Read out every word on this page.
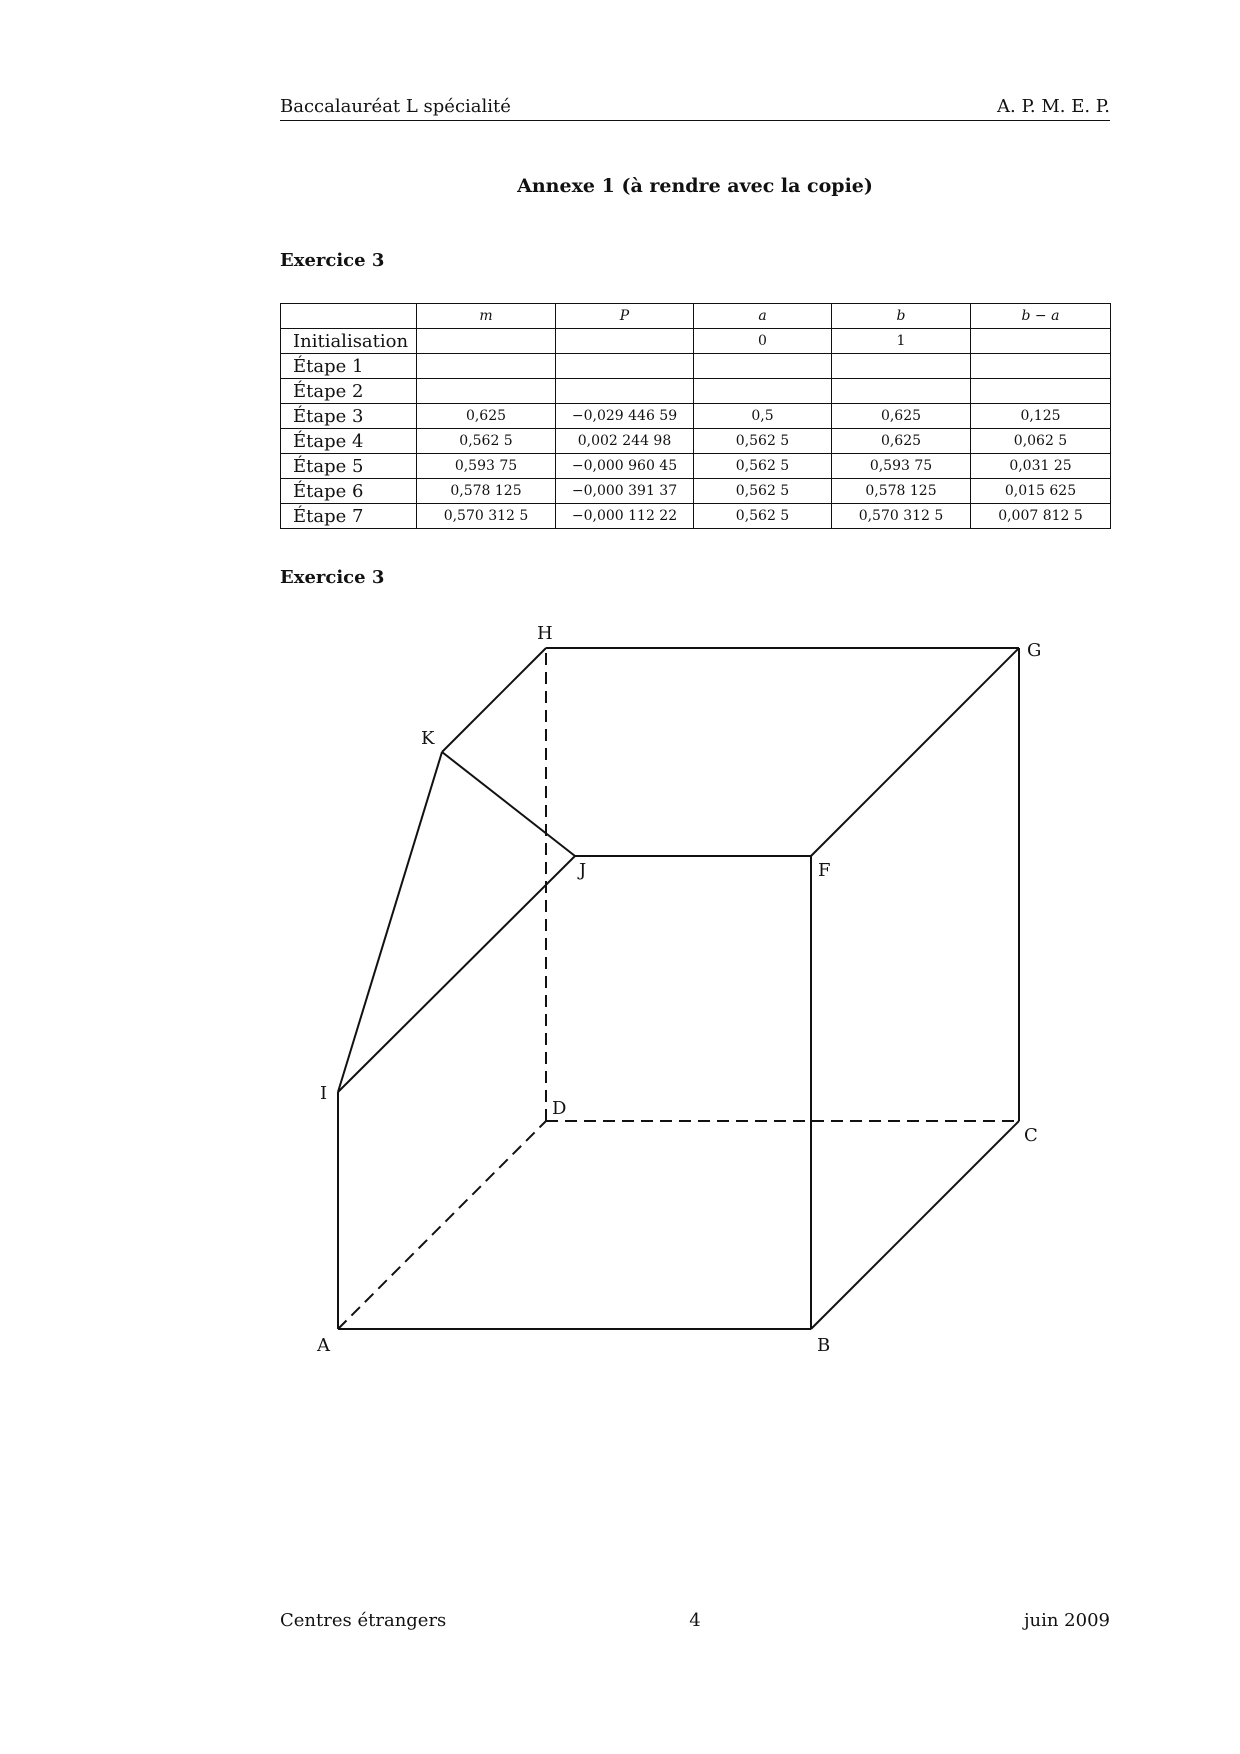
Baccalauréat L spécialité	A. P. M. E. P.
Annexe 1 (à rendre avec la copie)
Exercice 3
	m	P	a	b	b − a
Initialisation			0	1	
Étape 1					
Étape 2					
Étape 3	0,625	−0,029 446 59	0,5	0,625	0,125
Étape 4	0,562 5	0,002 244 98	0,562 5	0,625	0,062 5
Étape 5	0,593 75	−0,000 960 45	0,562 5	0,593 75	0,031 25
Étape 6	0,578 125	−0,000 391 37	0,562 5	0,578 125	0,015 625
Étape 7	0,570 312 5	−0,000 112 22	0,562 5	0,570 312 5	0,007 812 5
Exercice 3
H
G
K
J	F
I
D
C
A	B
Centres étrangers	4	juin 2009
